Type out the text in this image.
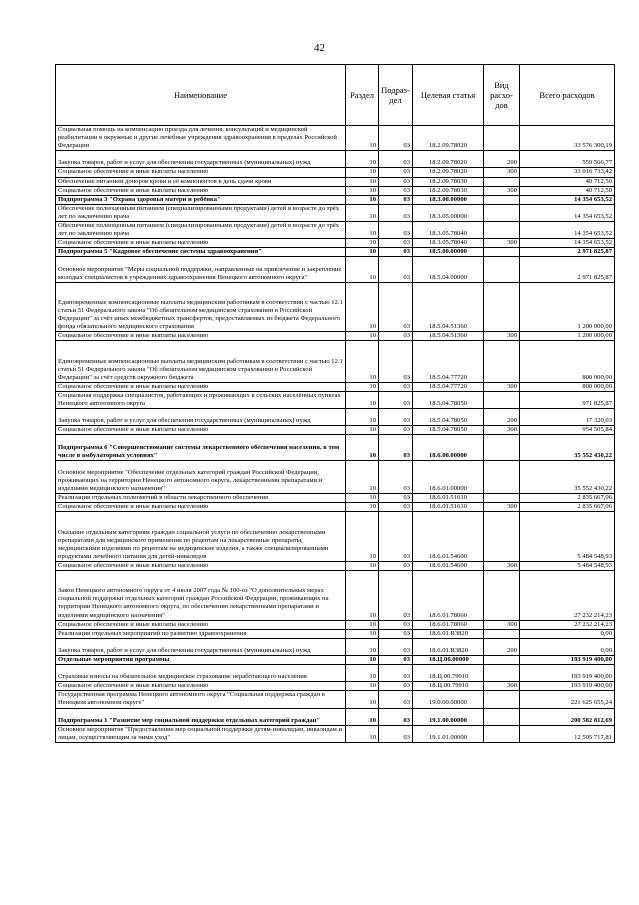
42
Наименование	Раздел	Подраз-дел	Целевая статья	Вид расхо-дов	Всего расходов
Социальная помощь на компенсацию проезда для лечения, консультаций и медицинской реабилитации в окружные и другие лечебные учреждения здравоохранения в пределах Российской Федерации	10	03	18.2.09.78020		33 576 300,19
Закупка товаров, работ и услуг для обеспечения государственных (муниципальных) нужд	10	03	18.2.09.78020	200	559 566,77
Социальное обеспечение и иные выплаты населению	10	03	18.2.09.78020	300	33 016 733,42
Обеспечение питанием доноров крови и её компонентов в день сдачи крови	10	03	18.2.09.78030		40 712,50
Социальное обеспечение и иные выплаты населению	10	03	18.2.09.78030	300	40 712,50
Подпрограмма 3 "Охрана здоровья матери и ребёнка"	10	03	18.3.00.00000		14 354 653,52
Обеспечение полноценным питанием (специализированными продуктами) детей в возрасте до трёх лет по заключению врача	10	03	18.3.05.00000		14 354 653,52
Обеспечение полноценным питанием (специализированными продуктами) детей в возрасте до трёх лет по заключению врача	10	03	18.3.05.78040		14 354 653,52
Социальное обеспечение и иные выплаты населению	10	03	18.3.05.78040	300	14 354 653,52
Подпрограмма 5 "Кадровое обеспечение системы здравоохранения"	10	03	18.5.00.00000		2 971 825,87
Основное мероприятие "Меры социальной поддержки, направленные на привлечение и закрепление молодых специалистов в учреждениях здравоохранения Ненецкого автономного округа"	10	03	18.5.04.00000		2 971 825,87
Единовременные компенсационные выплаты медицинским работникам в соответствии с частью 12.1 статьи 51 Федерального закона "Об обязательном медицинском страховании в Российской Федерации" за счёт иных межбюджетных трансфертов, предоставляемых из бюджета Федерального фонда обязательного медицинского страхования	10	03	18.5.04.51360		1 200 000,00
Социальное обеспечение и иные выплаты населению	10	03	18.5.04.51360	300	1 200 000,00
Единовременные компенсационные выплаты медицинским работникам в соответствии с частью 12.1 статьи 51 Федерального закона "Об обязательном медицинском страховании в Российской Федерации" за счёт средств окружного бюджета	10	03	18.5.04.77720		800 000,00
Социальное обеспечение и иные выплаты населению	10	03	18.5.04.77720	300	800 000,00
Социальная поддержка специалистов, работающих и проживающих в сельских населённых пунктах Ненецкого автономного округа	10	03	18.5.04.78050		971 825,87
Закупка товаров, работ и услуг для обеспечения государственных (муниципальных) нужд	10	03	18.5.04.78050	200	17 320,03
Социальное обеспечение и иные выплаты населению	10	03	18.5.04.78050	300	954 505,84
Подпрограмма 6 "Совершенствование системы лекарственного обеспечения населения, в том числе в амбулаторных условиях"	10	03	18.6.00.00000		35 552 430,22
Основное мероприятие "Обеспечение отдельных категорий граждан Российской Федерации, проживающих на территории Ненецкого автономного округа, лекарственными препаратами и изделиями медицинского назначения"	10	03	18.6.01.00000		35 552 430,22
Реализация отдельных полномочий в области лекарственного обеспечения	10	03	18.6.01.51610		2 835 667,06
Социальное обеспечение и иные выплаты населению	10	03	18.6.01.51610	300	2 835 667,06
Оказание отдельным категориям граждан социальной услуги по обеспечению лекарственными препаратами для медицинского применения по рецептам на лекарственные препараты, медицинскими изделиями по рецептам на медицинские изделия, а также специализированными продуктами лечебного питания для детей-инвалидов	10	03	18.6.01.54600		5 484 548,93
Социальное обеспечение и иные выплаты населению	10	03	18.6.01.54600	300	5 484 548,93
Закон Ненецкого автономного округа от 4 июля 2007 года № 100-оз "О дополнительных мерах социальной поддержки отдельных категорий граждан Российской Федерации, проживающих на территории Ненецкого автономного округа, по обеспечению лекарственными препаратами и изделиями медицинского назначения"	10	03	18.6.01.78060		27 232 214,23
Социальное обеспечение и иные выплаты населению	10	03	18.6.01.78060	300	27 232 214,23
Реализация отдельных мероприятий по развитию здравоохранения	10	03	18.6.01.R3820		0,00
Закупка товаров, работ и услуг для обеспечения государственных (муниципальных) нужд	10	03	18.6.01.R3820	200	0,00
Отдельные мероприятия программы	10	03	18.Ц.00.00000		193 919 400,00
Страховые взносы на обязательное медицинское страхование неработающего населения	10	03	18.Ц.00.79910		193 919 400,00
Социальное обеспечение и иные выплаты населению	10	03	18.Ц.00.79910	300	193 919 400,00
Государственная программа Ненецкого автономного округа "Социальная поддержка граждан в Ненецком автономном округе"	10	03	19.0.00.00000		221 625 655,24
Подпрограмма 1 "Развитие мер социальной поддержки отдельных категорий граждан"	10	03	19.1.00.00000		200 582 812,69
Основное мероприятие "Предоставление мер социальной поддержки детям-инвалидам, инвалидам и лицам, осуществляющим за ними уход"	10	03	19.1.01.00000		12 505 717,81
